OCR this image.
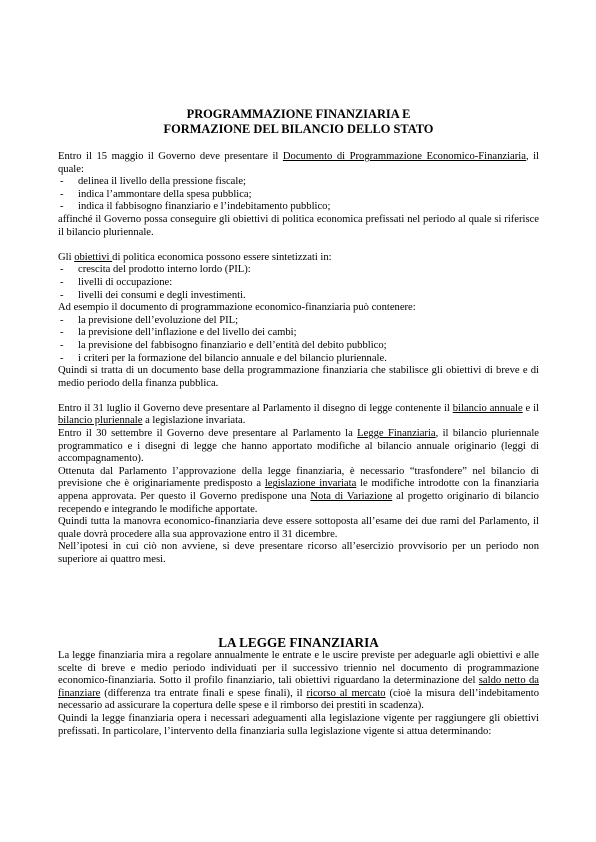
PROGRAMMAZIONE FINANZIARIA E
FORMAZIONE DEL BILANCIO DELLO STATO

Entro il 15 maggio il Governo deve presentare il Documento di Programmazione Economico-Finanziaria, il quale:

- delinea il livello della pressione fiscale;
- indica l’ammontare della spesa pubblica;
- indica il fabbisogno finanziario e l’indebitamento pubblico;

affinché il Governo possa conseguire gli obiettivi di politica economica prefissati nel periodo al quale si riferisce il bilancio pluriennale.

Gli obiettivi di politica economica possono essere sintetizzati in:

- crescita del prodotto interno lordo (PIL):
- livelli di occupazione:
- livelli dei consumi e degli investimenti.

Ad esempio il documento di programmazione economico-finanziaria può contenere:

- la previsione dell’evoluzione del PIL;
- la previsione dell’inflazione e del livello dei cambi;
- la previsione del fabbisogno finanziario e dell’entità del debito pubblico;
- i criteri per la formazione del bilancio annuale e del bilancio pluriennale.

Quindi si tratta di un documento base della programmazione finanziaria che stabilisce gli obiettivi di breve e di medio periodo della finanza pubblica.

Entro il 31 luglio il Governo deve presentare al Parlamento il disegno di legge contenente il bilancio annuale e il bilancio pluriennale a legislazione invariata.

Entro il 30 settembre il Governo deve presentare al Parlamento la Legge Finanziaria, il bilancio pluriennale programmatico e i disegni di legge che hanno apportato modifiche al bilancio annuale originario (leggi di accompagnamento).

Ottenuta dal Parlamento l’approvazione della legge finanziaria, è necessario “trasfondere” nel bilancio di previsione che è originariamente predisposto a legislazione invariata le modifiche introdotte con la finanziaria appena approvata. Per questo il Governo predispone una Nota di Variazione al progetto originario di bilancio recependo e integrando le modifiche apportate.

Quindi tutta la manovra economico-finanziaria deve essere sottoposta all’esame dei due rami del Parlamento, il quale dovrà procedere alla sua approvazione entro il 31 dicembre.

Nell’ipotesi in cui ciò non avviene, si deve presentare ricorso all’esercizio provvisorio per un periodo non superiore ai quattro mesi.

LA LEGGE FINANZIARIA

La legge finanziaria mira a regolare annualmente le entrate e le uscire previste per adeguarle agli obiettivi e alle scelte di breve e medio periodo individuati per il successivo triennio nel documento di programmazione economico-finanziaria. Sotto il profilo finanziario, tali obiettivi riguardano la determinazione del saldo netto da finanziare (differenza tra entrate finali e spese finali), il ricorso al mercato (cioè la misura dell’indebitamento necessario ad assicurare la copertura delle spese e il rimborso dei prestiti in scadenza).

Quindi la legge finanziaria opera i necessari adeguamenti alla legislazione vigente per raggiungere gli obiettivi prefissati. In particolare, l’intervento della finanziaria sulla legislazione vigente si attua determinando:
